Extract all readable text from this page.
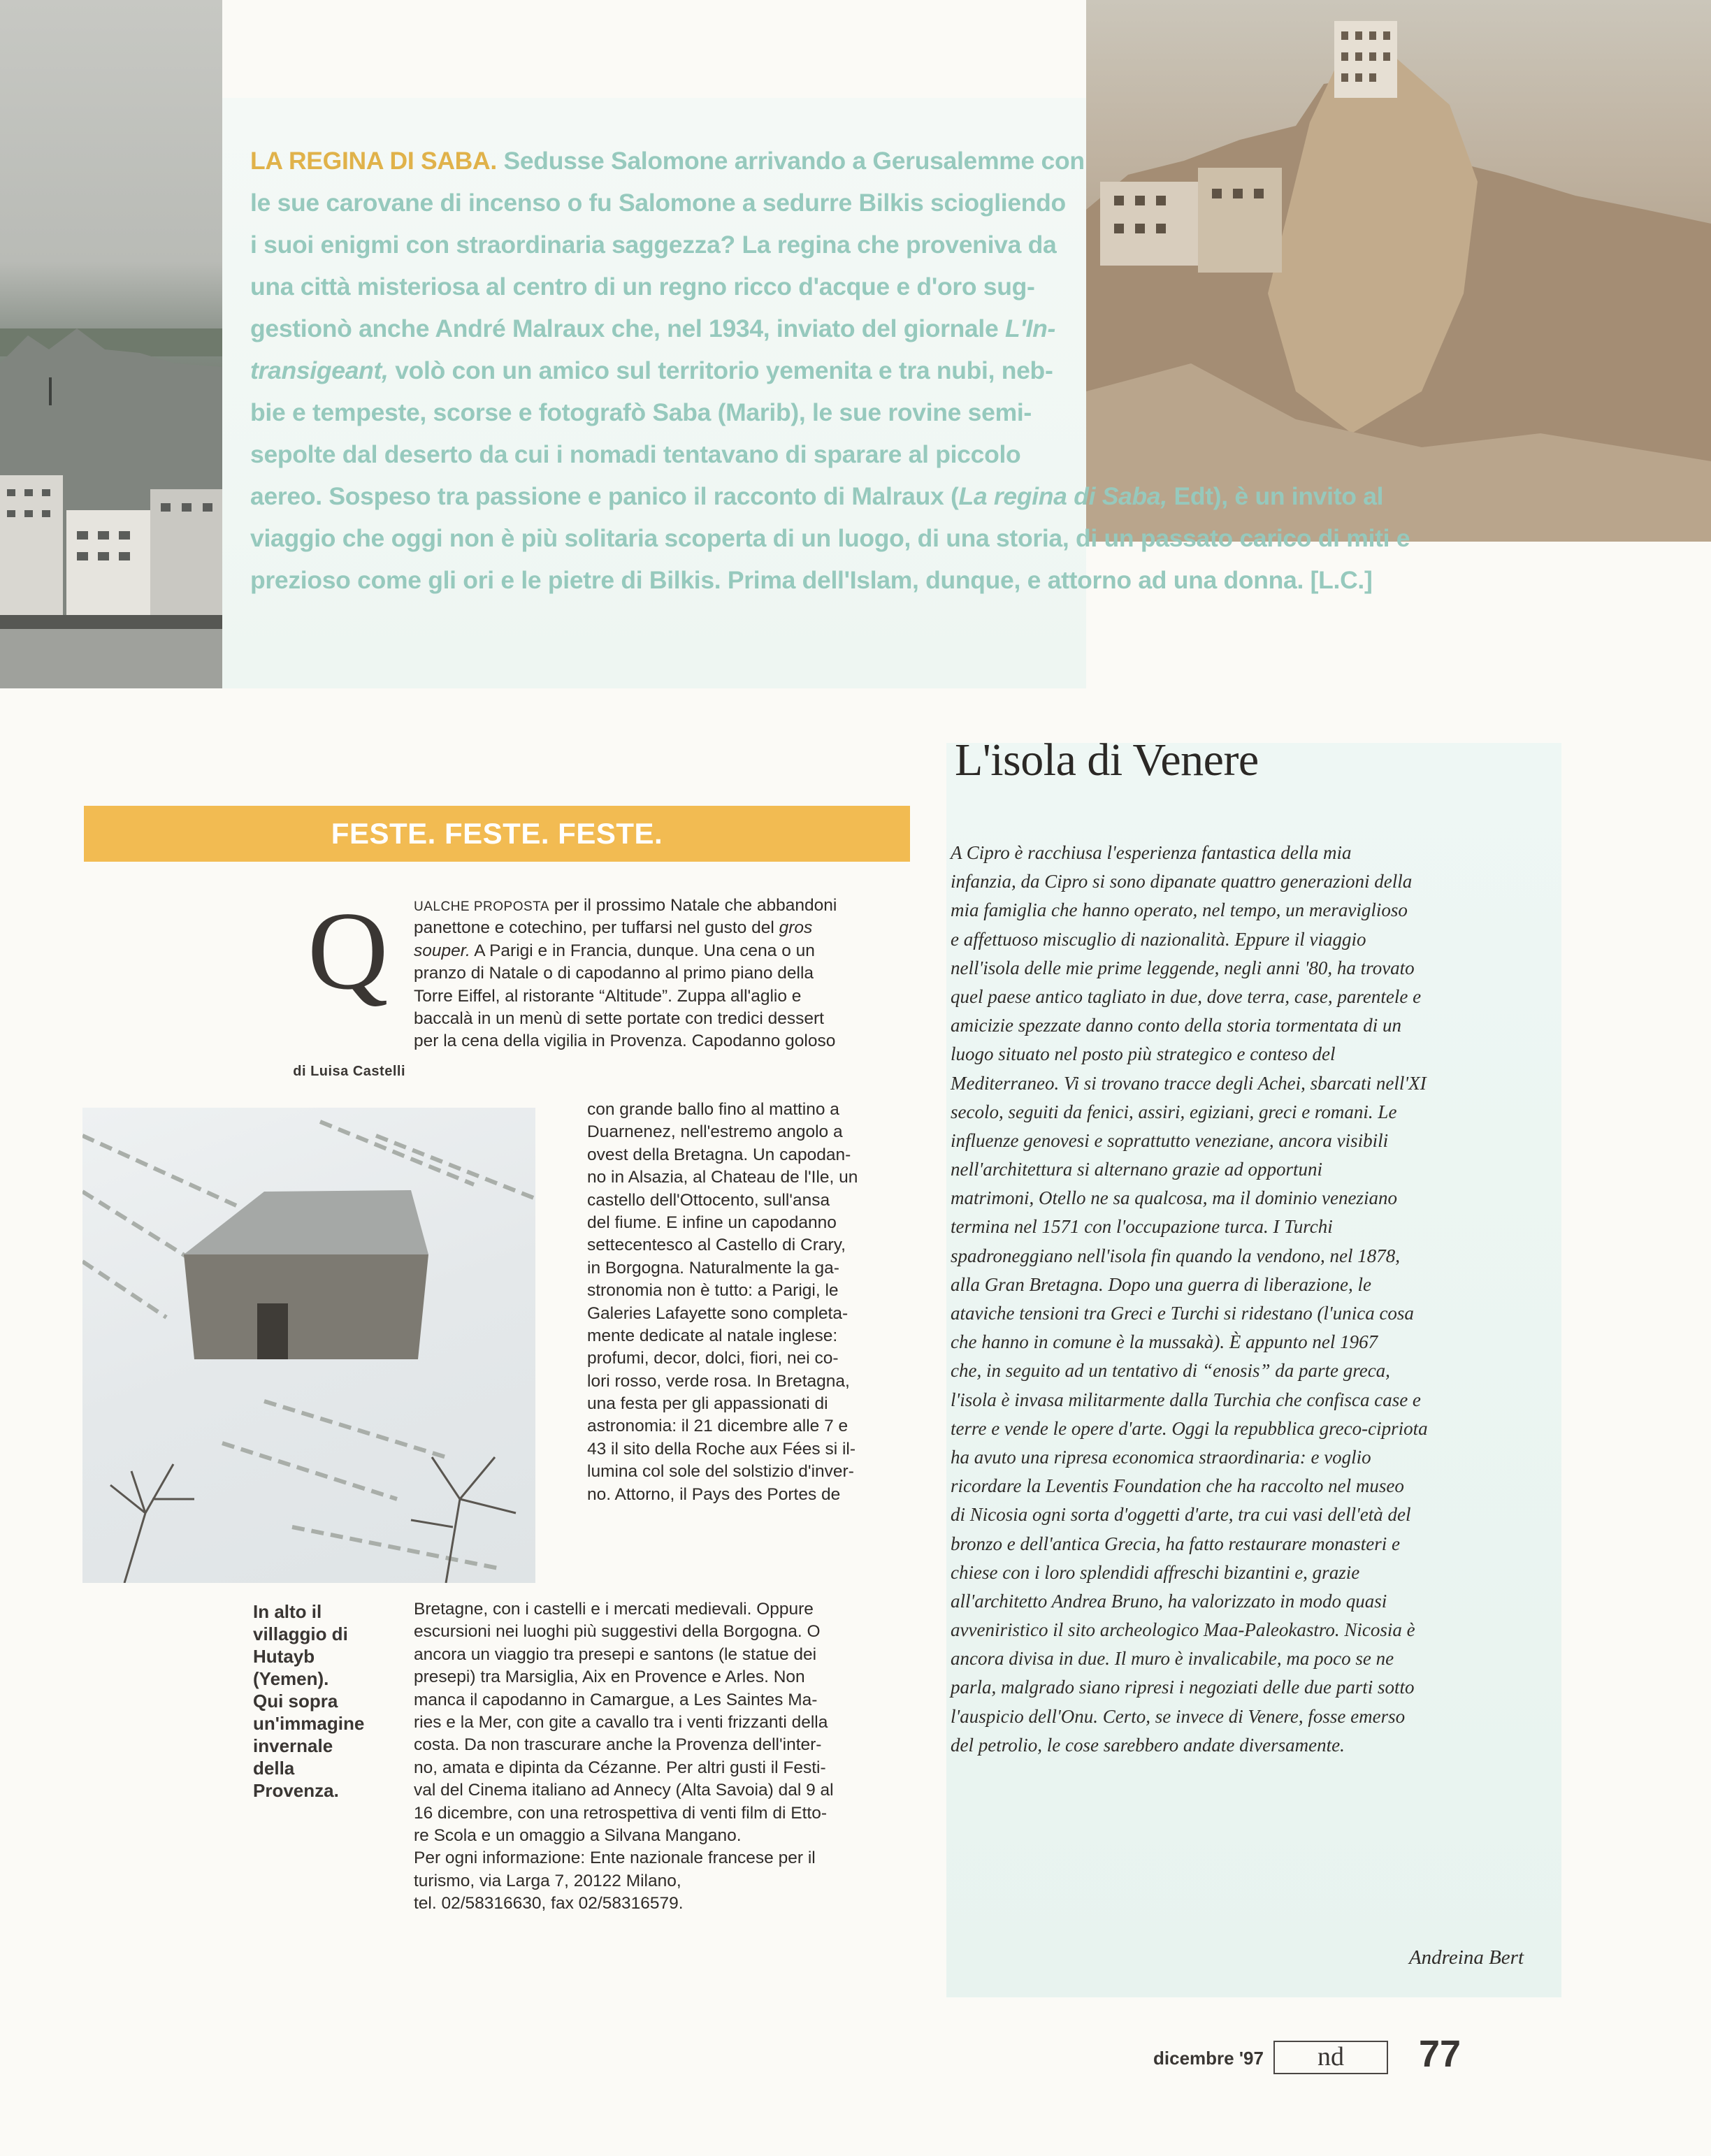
LA REGINA DI SABA. Sedusse Salomone arrivando a Gerusalemme con
le sue carovane di incenso o fu Salomone a sedurre Bilkis sciogliendo
i suoi enigmi con straordinaria saggezza? La regina che proveniva da
una città misteriosa al centro di un regno ricco d'acque e d'oro sug-
gestionò anche André Malraux che, nel 1934, inviato del giornale L'In-
transigeant, volò con un amico sul territorio yemenita e tra nubi, neb-
bie e tempeste, scorse e fotografò Saba (Marib), le sue rovine semi-
sepolte dal deserto da cui i nomadi tentavano di sparare al piccolo
aereo. Sospeso tra passione e panico il racconto di Malraux (La regina di Saba, Edt), è un invito al
viaggio che oggi non è più solitaria scoperta di un luogo, di una storia, di un passato carico di miti e
prezioso come gli ori e le pietre di Bilkis. Prima dell'Islam, dunque, e attorno ad una donna. [L.C.]
FESTE. FESTE. FESTE.
Q
di Luisa Castelli
UALCHE PROPOSTA per il prossimo Natale che abbandoni
panettone e cotechino, per tuffarsi nel gusto del gros
souper. A Parigi e in Francia, dunque. Una cena o un
pranzo di Natale o di capodanno al primo piano della
Torre Eiffel, al ristorante “Altitude”. Zuppa all'aglio e
baccalà in un menù di sette portate con tredici dessert
per la cena della vigilia in Provenza. Capodanno goloso
con grande ballo fino al mattino a
Duarnenez, nell'estremo angolo a
ovest della Bretagna. Un capodan-
no in Alsazia, al Chateau de l'Ile, un
castello dell'Ottocento, sull'ansa
del fiume. E infine un capodanno
settecentesco al Castello di Crary,
in Borgogna. Naturalmente la ga-
stronomia non è tutto: a Parigi, le
Galeries Lafayette sono completa-
mente dedicate al natale inglese:
profumi, decor, dolci, fiori, nei co-
lori rosso, verde rosa. In Bretagna,
una festa per gli appassionati di
astronomia: il 21 dicembre alle 7 e
43 il sito della Roche aux Fées si il-
lumina col sole del solstizio d'inver-
no. Attorno, il Pays des Portes de
Bretagne, con i castelli e i mercati medievali. Oppure
escursioni nei luoghi più suggestivi della Borgogna. O
ancora un viaggio tra presepi e santons (le statue dei
presepi) tra Marsiglia, Aix en Provence e Arles. Non
manca il capodanno in Camargue, a Les Saintes Ma-
ries e la Mer, con gite a cavallo tra i venti frizzanti della
costa. Da non trascurare anche la Provenza dell'inter-
no, amata e dipinta da Cézanne. Per altri gusti il Festi-
val del Cinema italiano ad Annecy (Alta Savoia) dal 9 al
16 dicembre, con una retrospettiva di venti film di Etto-
re Scola e un omaggio a Silvana Mangano.
Per ogni informazione: Ente nazionale francese per il
turismo, via Larga 7, 20122 Milano,
tel. 02/58316630, fax 02/58316579.
In alto il
villaggio di
Hutayb
(Yemen).
Qui sopra
un'immagine
invernale
della
Provenza.
L'isola di Venere
A Cipro è racchiusa l'esperienza fantastica della mia
infanzia, da Cipro si sono dipanate quattro generazioni della
mia famiglia che hanno operato, nel tempo, un meraviglioso
e affettuoso miscuglio di nazionalità. Eppure il viaggio
nell'isola delle mie prime leggende, negli anni '80, ha trovato
quel paese antico tagliato in due, dove terra, case, parentele e
amicizie spezzate danno conto della storia tormentata di un
luogo situato nel posto più strategico e conteso del
Mediterraneo. Vi si trovano tracce degli Achei, sbarcati nell'XI
secolo, seguiti da fenici, assiri, egiziani, greci e romani. Le
influenze genovesi e soprattutto veneziane, ancora visibili
nell'architettura si alternano grazie ad opportuni
matrimoni, Otello ne sa qualcosa, ma il dominio veneziano
termina nel 1571 con l'occupazione turca. I Turchi
spadroneggiano nell'isola fin quando la vendono, nel 1878,
alla Gran Bretagna. Dopo una guerra di liberazione, le
ataviche tensioni tra Greci e Turchi si ridestano (l'unica cosa
che hanno in comune è la mussakà). È appunto nel 1967
che, in seguito ad un tentativo di “enosis” da parte greca,
l'isola è invasa militarmente dalla Turchia che confisca case e
terre e vende le opere d'arte. Oggi la repubblica greco-cipriota
ha avuto una ripresa economica straordinaria: e voglio
ricordare la Leventis Foundation che ha raccolto nel museo
di Nicosia ogni sorta d'oggetti d'arte, tra cui vasi dell'età del
bronzo e dell'antica Grecia, ha fatto restaurare monasteri e
chiese con i loro splendidi affreschi bizantini e, grazie
all'architetto Andrea Bruno, ha valorizzato in modo quasi
avveniristico il sito archeologico Maa-Paleokastro. Nicosia è
ancora divisa in due. Il muro è invalicabile, ma poco se ne
parla, malgrado siano ripresi i negoziati delle due parti sotto
l'auspicio dell'Onu. Certo, se invece di Venere, fosse emerso
del petrolio, le cose sarebbero andate diversamente.
Andreina Bert
dicembre '97	nd	77
